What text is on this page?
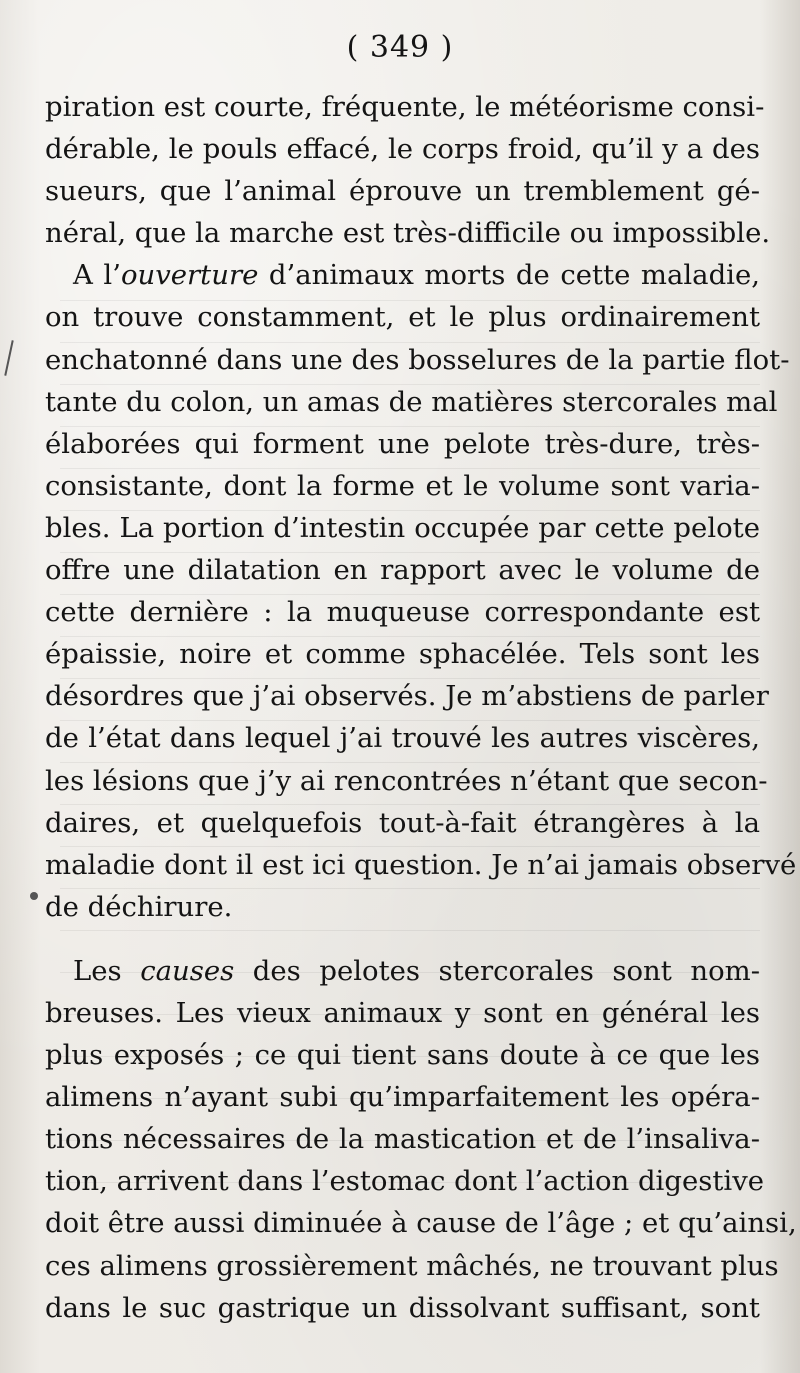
( 349 )

piration est courte, fréquente, le météorisme consi-
dérable, le pouls effacé, le corps froid, qu’il y a des
sueurs, que l’animal éprouve un tremblement gé-
néral, que la marche est très-difficile ou impossible.

A l’ouverture d’animaux morts de cette maladie,
on trouve constamment, et le plus ordinairement
enchatonné dans une des bosselures de la partie flot-
tante du colon, un amas de matières stercorales mal
élaborées qui forment une pelote très-dure, très-
consistante, dont la forme et le volume sont varia-
bles. La portion d’intestin occupée par cette pelote
offre une dilatation en rapport avec le volume de
cette dernière : la muqueuse correspondante est
épaissie, noire et comme sphacélée. Tels sont les
désordres que j’ai observés. Je m’abstiens de parler
de l’état dans lequel j’ai trouvé les autres viscères,
les lésions que j’y ai rencontrées n’étant que secon-
daires, et quelquefois tout-à-fait étrangères à la
maladie dont il est ici question. Je n’ai jamais observé
de déchirure.

Les causes des pelotes stercorales sont nom-
breuses. Les vieux animaux y sont en général les
plus exposés ; ce qui tient sans doute à ce que les
alimens n’ayant subi qu’imparfaitement les opéra-
tions nécessaires de la mastication et de l’insaliva-
tion, arrivent dans l’estomac dont l’action digestive
doit être aussi diminuée à cause de l’âge ; et qu’ainsi,
ces alimens grossièrement mâchés, ne trouvant plus
dans le suc gastrique un dissolvant suffisant, sont
